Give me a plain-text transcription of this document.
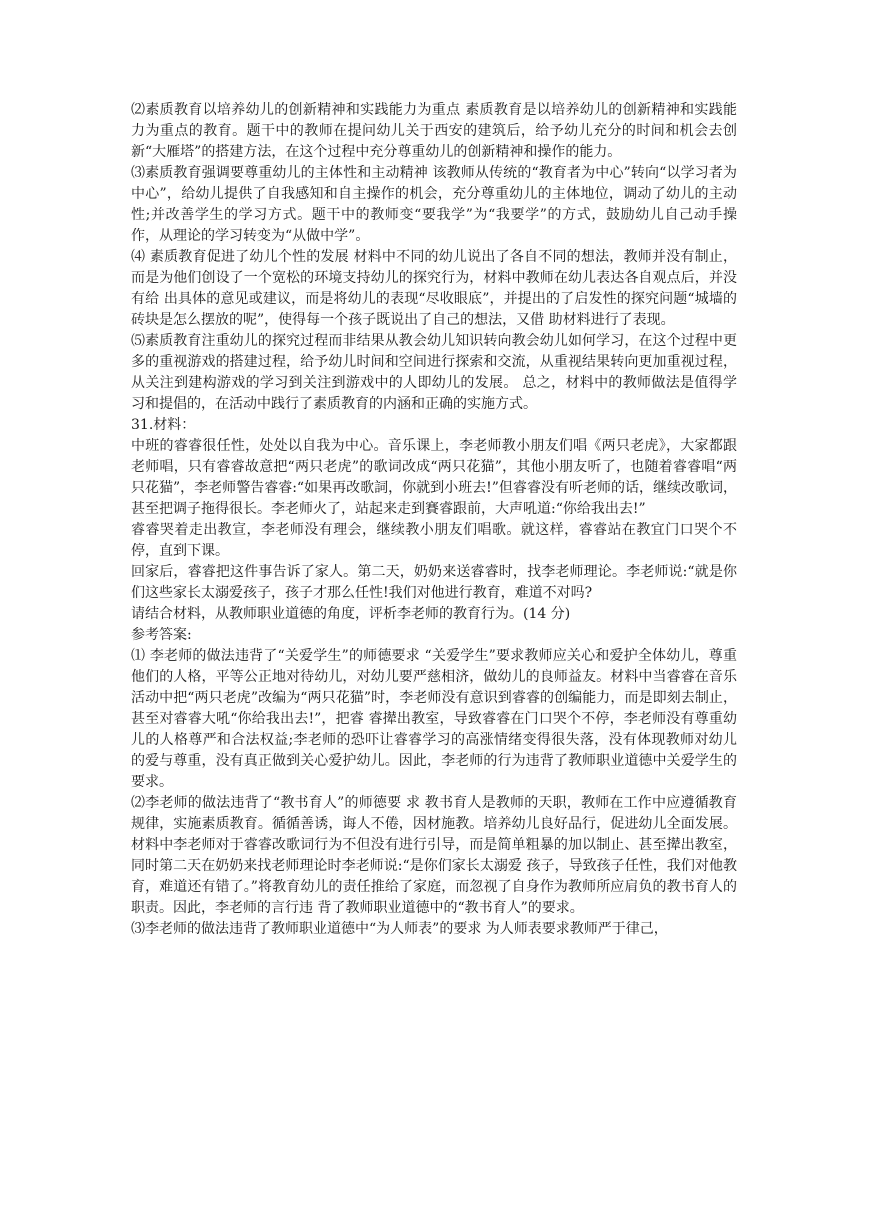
⑵素质教育以培养幼儿的创新精神和实践能力为重点 素质教育是以培养幼儿的创新精神和实践能力为重点的教育。题干中的教师在提问幼儿关于西安的建筑后，给予幼儿充分的时间和机会去创新“大雁塔”的搭建方法，在这个过程中充分尊重幼儿的创新精神和操作的能力。

⑶素质教育强调要尊重幼儿的主体性和主动精神 该教师从传统的“教育者为中心”转向“以学习者为中心”，给幼儿提供了自我感知和自主操作的机会，充分尊重幼儿的主体地位，调动了幼儿的主动性;并改善学生的学习方式。题干中的教师变“要我学”为“我要学”的方式，鼓励幼儿自己动手操作，从理论的学习转变为“从做中学”。

⑷ 素质教育促进了幼儿个性的发展 材料中不同的幼儿说出了各自不同的想法，教师并没有制止，而是为他们创设了一个宽松的环境支持幼儿的探究行为，材料中教师在幼儿表达各自观点后，并没有给 出具体的意见或建议，而是将幼儿的表现“尽收眼底”，并提出的了启发性的探究问题“城墙的砖块是怎么摆放的呢”，使得每一个孩子既说出了自己的想法，又借 助材料进行了表现。

⑸素质教育注重幼儿的探究过程而非结果从教会幼儿知识转向教会幼儿如何学习，在这个过程中更多的重视游戏的搭建过程，给予幼儿时间和空间进行探索和交流，从重视结果转向更加重视过程，从关注到建构游戏的学习到关注到游戏中的人即幼儿的发展。 总之，材料中的教师做法是值得学习和提倡的，在活动中践行了素质教育的内涵和正确的实施方式。

31.材料：

中班的睿睿很任性，处处以自我为中心。音乐课上，李老师教小朋友们唱《两只老虎》，大家都跟老师唱，只有睿睿故意把“两只老虎”的歌词改成“两只花猫”，其他小朋友听了，也随着睿睿唱“两只花猫”，李老师警告睿睿:“如果再改歌詞，你就到小班去!”但睿睿没有听老师的话，继续改歌词，甚至把调子拖得很长。李老师火了，站起来走到賽睿跟前，大声吼道:“你给我出去!”

睿睿哭着走出教宣，李老师没有理会，继续教小朋友们唱歌。就这样，睿睿站在教宜门口哭个不停，直到下课。

回家后，睿睿把这件事告诉了家人。第二天，奶奶来送睿睿时，找李老师理论。李老师说:“就是你们这些家长太溺爱孩子，孩子才那么任性!我们对他进行教育，难道不对吗?

请结合材料，从教师职业道德的角度，评析李老师的教育行为。(14 分)

参考答案:

⑴ 李老师的做法违背了“关爱学生”的师德要求 “关爱学生”要求教师应关心和爱护全体幼儿，尊重他们的人格，平等公正地对待幼儿，对幼儿要严慈相济，做幼儿的良师益友。材料中当睿睿在音乐活动中把“两只老虎”改编为“两只花猫”时，李老师没有意识到睿睿的创编能力，而是即刻去制止，甚至对睿睿大吼“你给我出去!”，把睿 睿撵出教室，导致睿睿在门口哭个不停，李老师没有尊重幼儿的人格尊严和合法权益;李老师的恐吓让睿睿学习的高涨情绪变得很失落，没有体现教师对幼儿的爱与尊重，没有真正做到关心爱护幼儿。因此，李老师的行为违背了教师职业道德中关爱学生的要求。

⑵李老师的做法违背了“教书育人”的师德要 求 教书育人是教师的天职，教师在工作中应遵循教育规律，实施素质教育。循循善诱，诲人不倦，因材施教。培养幼儿良好品行，促进幼儿全面发展。 材料中李老师对于睿睿改歌词行为不但没有进行引导，而是简单粗暴的加以制止、甚至撵出教室，同时第二天在奶奶来找老师理论时李老师说:“是你们家长太溺爱 孩子，导致孩子任性，我们对他教育，难道还有错了。”将教育幼儿的责任推给了家庭，而忽视了自身作为教师所应肩负的教书育人的职责。因此，李老师的言行违 背了教师职业道德中的“教书育人”的要求。

⑶李老师的做法违背了教师职业道德中“为人师表”的要求 为人师表要求教师严于律己，
